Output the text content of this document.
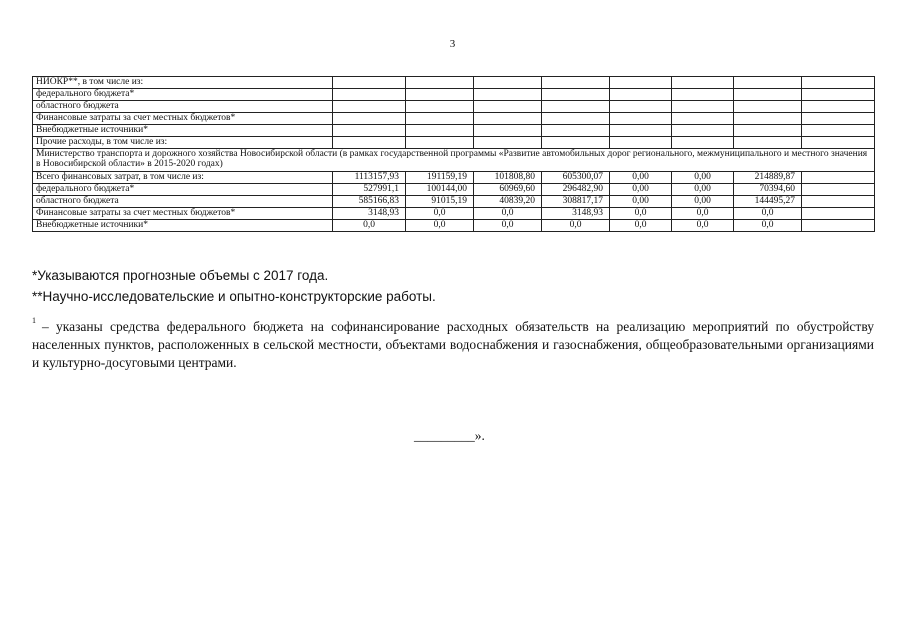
3
НИОКР**, в том числе из:								
федерального бюджета*								
областного бюджета								
Финансовые затраты за счет местных бюджетов*								
Внебюджетные источники*								
Прочие расходы, в том числе из:								
Министерство транспорта и дорожного хозяйства Новосибирской области (в рамках государственной программы «Развитие автомобильных дорог регионального, межмуниципального и местного значения в Новосибирской области» в 2015-2020 годах)								
Всего финансовых затрат, в том числе из:	1113157,93	191159,19	101808,80	605300,07	0,00	0,00	214889,87	
федерального бюджета*	527991,1	100144,00	60969,60	296482,90	0,00	0,00	70394,60	
областного бюджета	585166,83	91015,19	40839,20	308817,17	0,00	0,00	144495,27	
Финансовые затраты за счет местных бюджетов*	3148,93	0,0	0,0	3148,93	0,0	0,0	0,0	
Внебюджетные источники*	0,0	0,0	0,0	0,0	0,0	0,0	0,0	
*Указываются прогнозные объемы с 2017 года.
**Научно-исследовательские и опытно-конструкторские работы.
$^1$ – указаны средства федерального бюджета на софинансирование расходных обязательств на реализацию мероприятий по обустройству населенных пунктов, расположенных в сельской местности, объектами водоснабжения и газоснабжения, общеобразовательными организациями и культурно-досуговыми центрами.
_________».
